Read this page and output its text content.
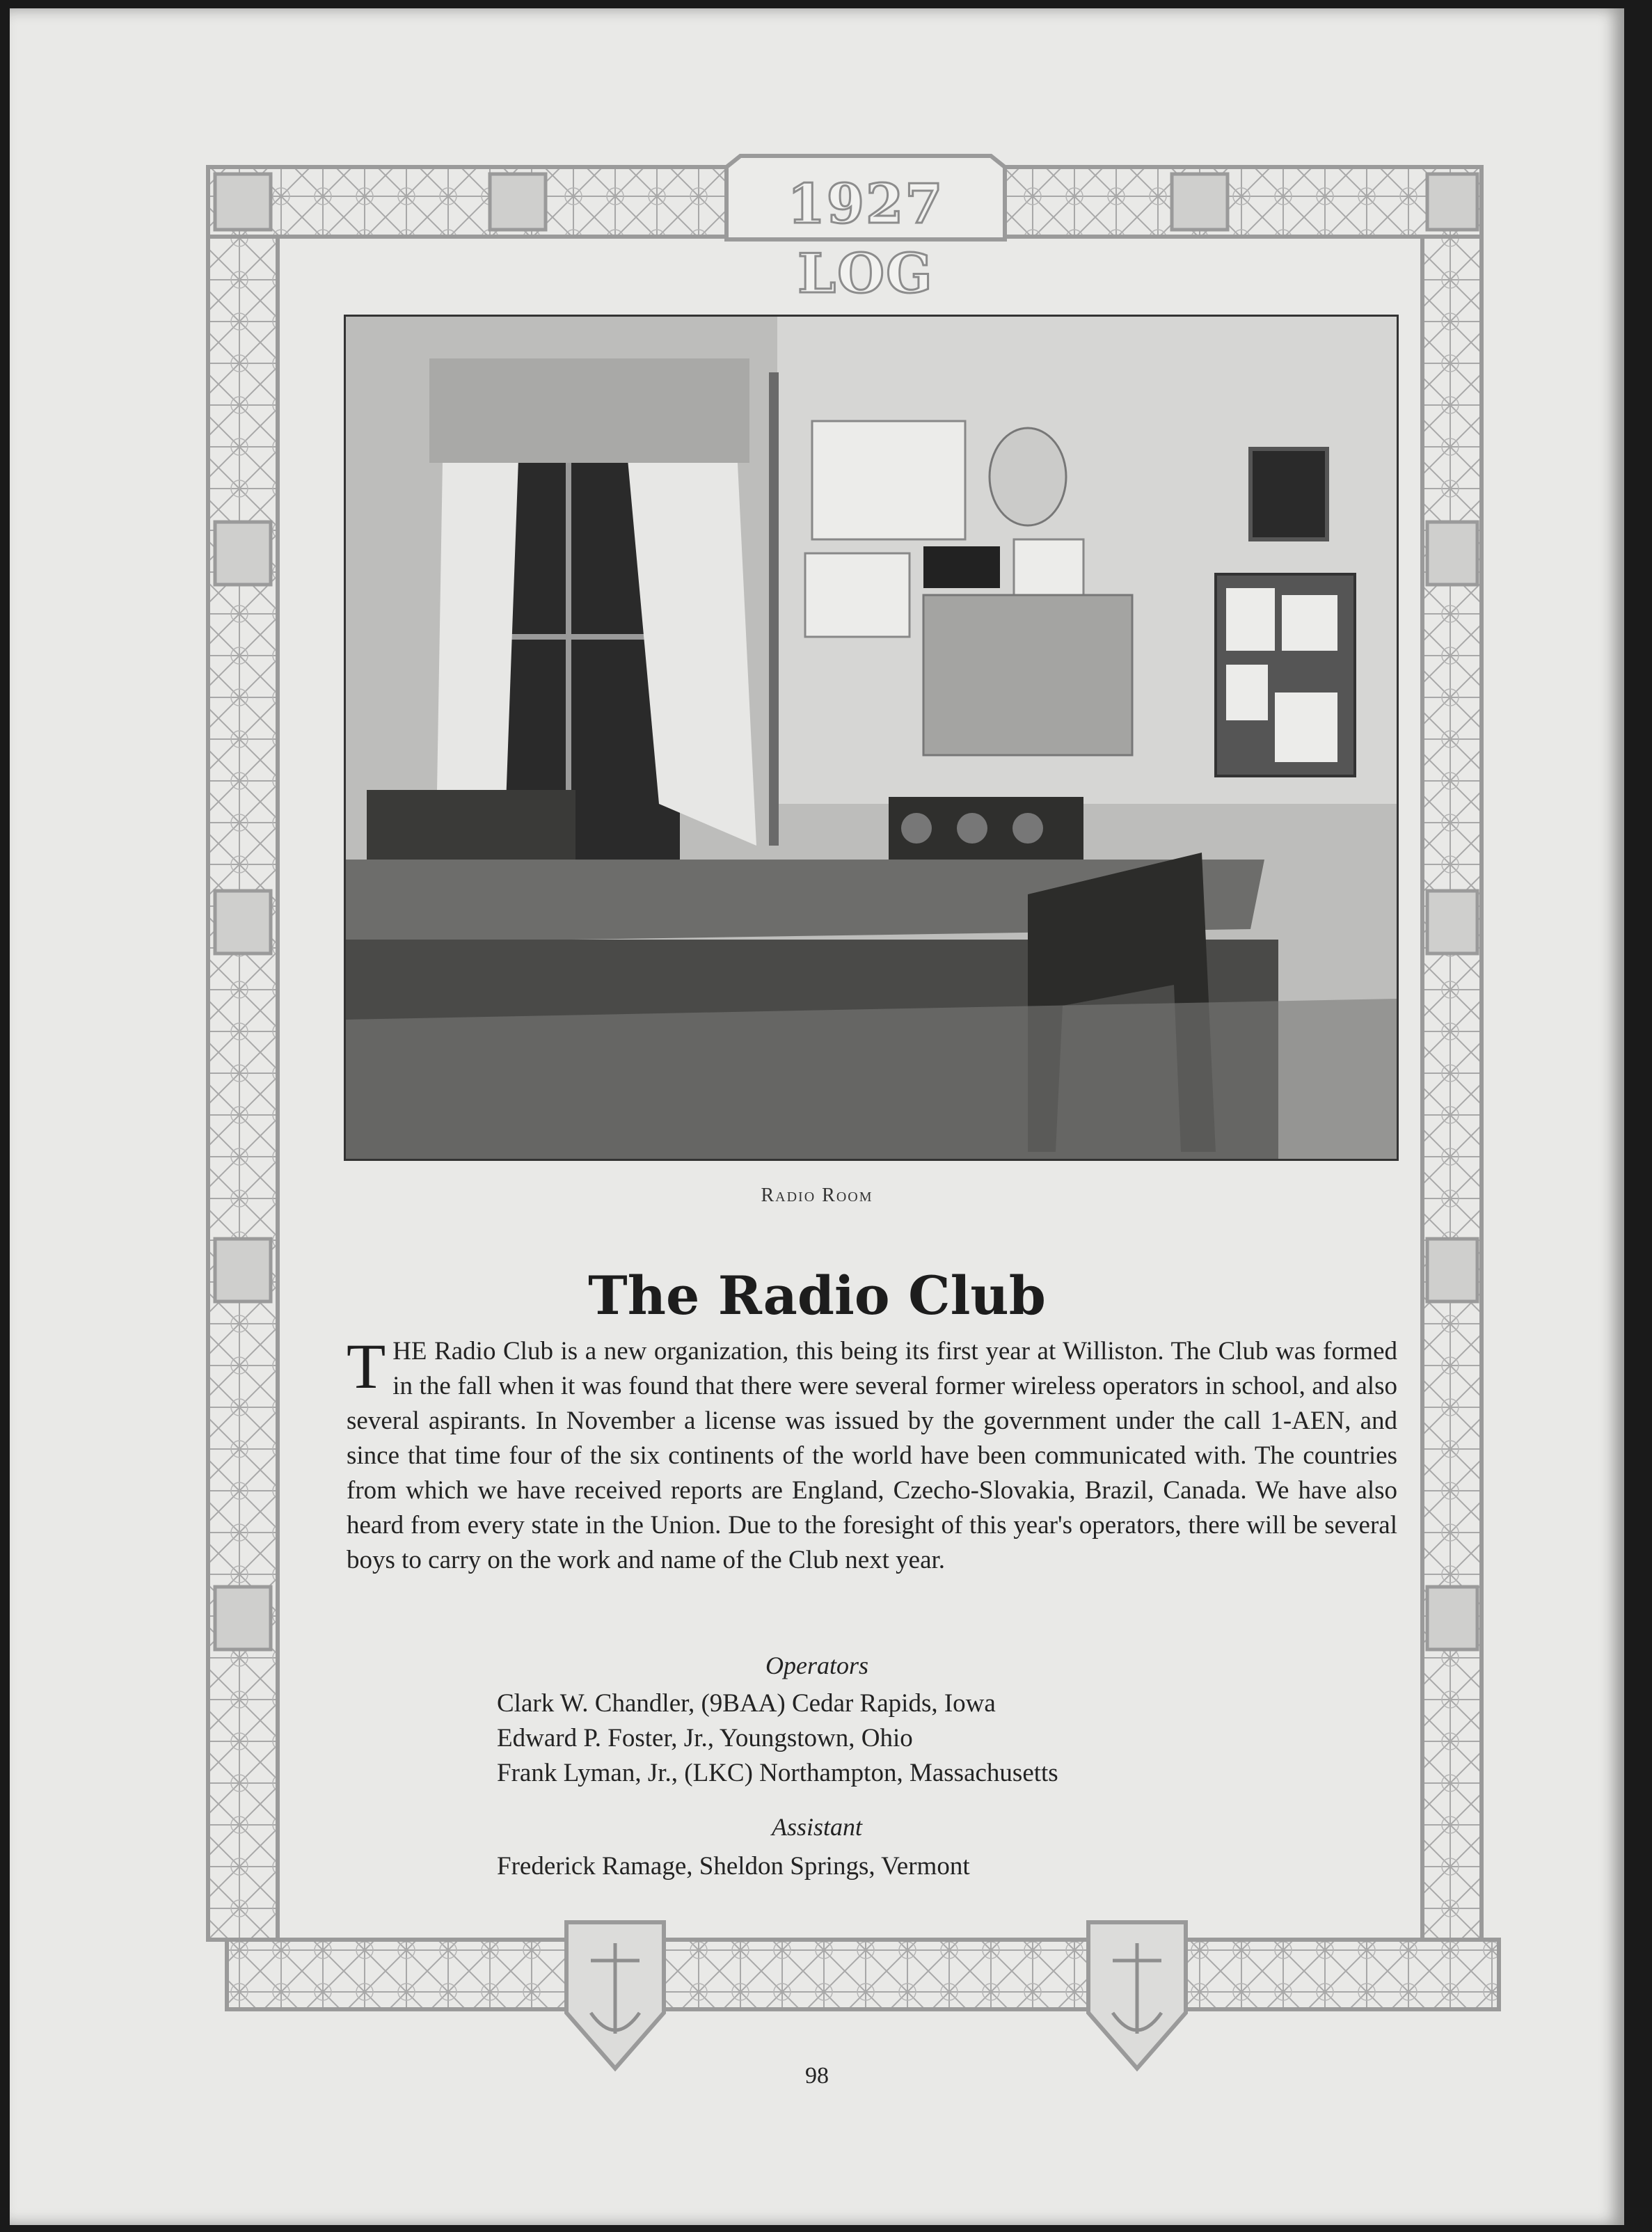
1927 LOG
Radio Room
The Radio Club
THE Radio Club is a new organization, this being its first year at Williston. The Club was formed in the fall when it was found that there were several former wireless operators in school, and also several aspirants. In November a license was issued by the government under the call 1-AEN, and since that time four of the six continents of the world have been communicated with. The countries from which we have received reports are England, Czecho-Slovakia, Brazil, Canada. We have also heard from every state in the Union. Due to the foresight of this year's operators, there will be several boys to carry on the work and name of the Club next year.
Operators
Clark W. Chandler, (9BAA) Cedar Rapids, Iowa
Edward P. Foster, Jr., Youngstown, Ohio
Frank Lyman, Jr., (LKC) Northampton, Massachusetts
Assistant
Frederick Ramage, Sheldon Springs, Vermont
98
